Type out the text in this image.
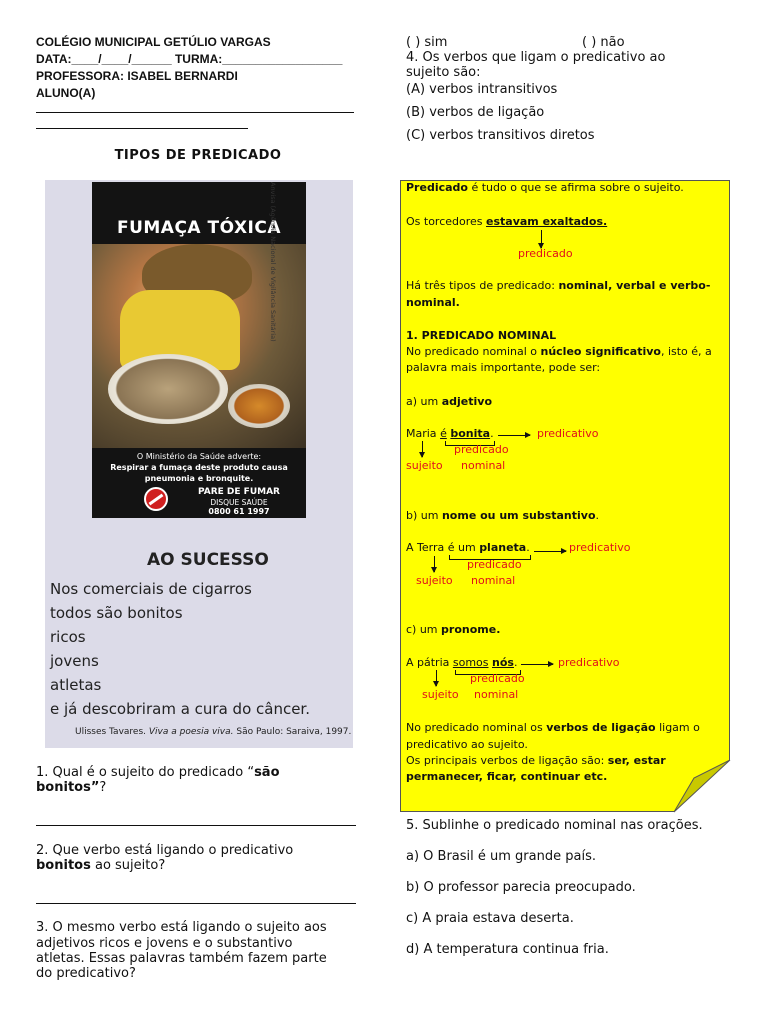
COLÉGIO MUNICIPAL GETÚLIO VARGAS
DATA:____/____/______ TURMA:__________________
PROFESSORA: ISABEL BERNARDI
ALUNO(A)
TIPOS DE PREDICADO
FUMAÇA TÓXICA
O Ministério da Saúde adverte:
Respirar a fumaça deste produto causa
pneumonia e bronquite.
PARE DE FUMAR
DISQUE SAÚDE
0800 61 1997
Anvisa (Agência Nacional de Vigilância Sanitária)
AO SUCESSO
Nos comerciais de cigarros
todos são bonitos
ricos
jovens
atletas
e já descobriram a cura do câncer.
Ulisses Tavares. Viva a poesia viva. São Paulo: Saraiva, 1997.
1. Qual é o sujeito do predicado “são
bonitos”?
2. Que verbo está ligando o predicativo
bonitos ao sujeito?
3. O mesmo verbo está ligando o sujeito aos
adjetivos ricos e jovens e o substantivo
atletas. Essas palavras também fazem parte
do predicativo?
( ) sim	( ) não
4. Os verbos que ligam o predicativo ao
sujeito são:
(A) verbos intransitivos
(B) verbos de ligação
(C) verbos transitivos diretos
Predicado é tudo o que se afirma sobre o sujeito.
Os torcedores estavam exaltados.
predicado
Há três tipos de predicado: nominal, verbal e verbo-
nominal.
1. PREDICADO NOMINAL
No predicado nominal o núcleo significativo, isto é, a
palavra mais importante, pode ser:
a) um adjetivo
Maria é bonita.	predicativo
predicado
sujeito nominal
b) um nome ou um substantivo.
A Terra é um planeta.	predicativo
predicado
sujeito nominal
c) um pronome.
A pátria somos nós.	predicativo
predicado
sujeito nominal
No predicado nominal os verbos de ligação ligam o
predicativo ao sujeito.
Os principais verbos de ligação são: ser, estar
permanecer, ficar, continuar etc.
5. Sublinhe o predicado nominal nas orações.
a) O Brasil é um grande país.
b) O professor parecia preocupado.
c) A praia estava deserta.
d) A temperatura continua fria.
